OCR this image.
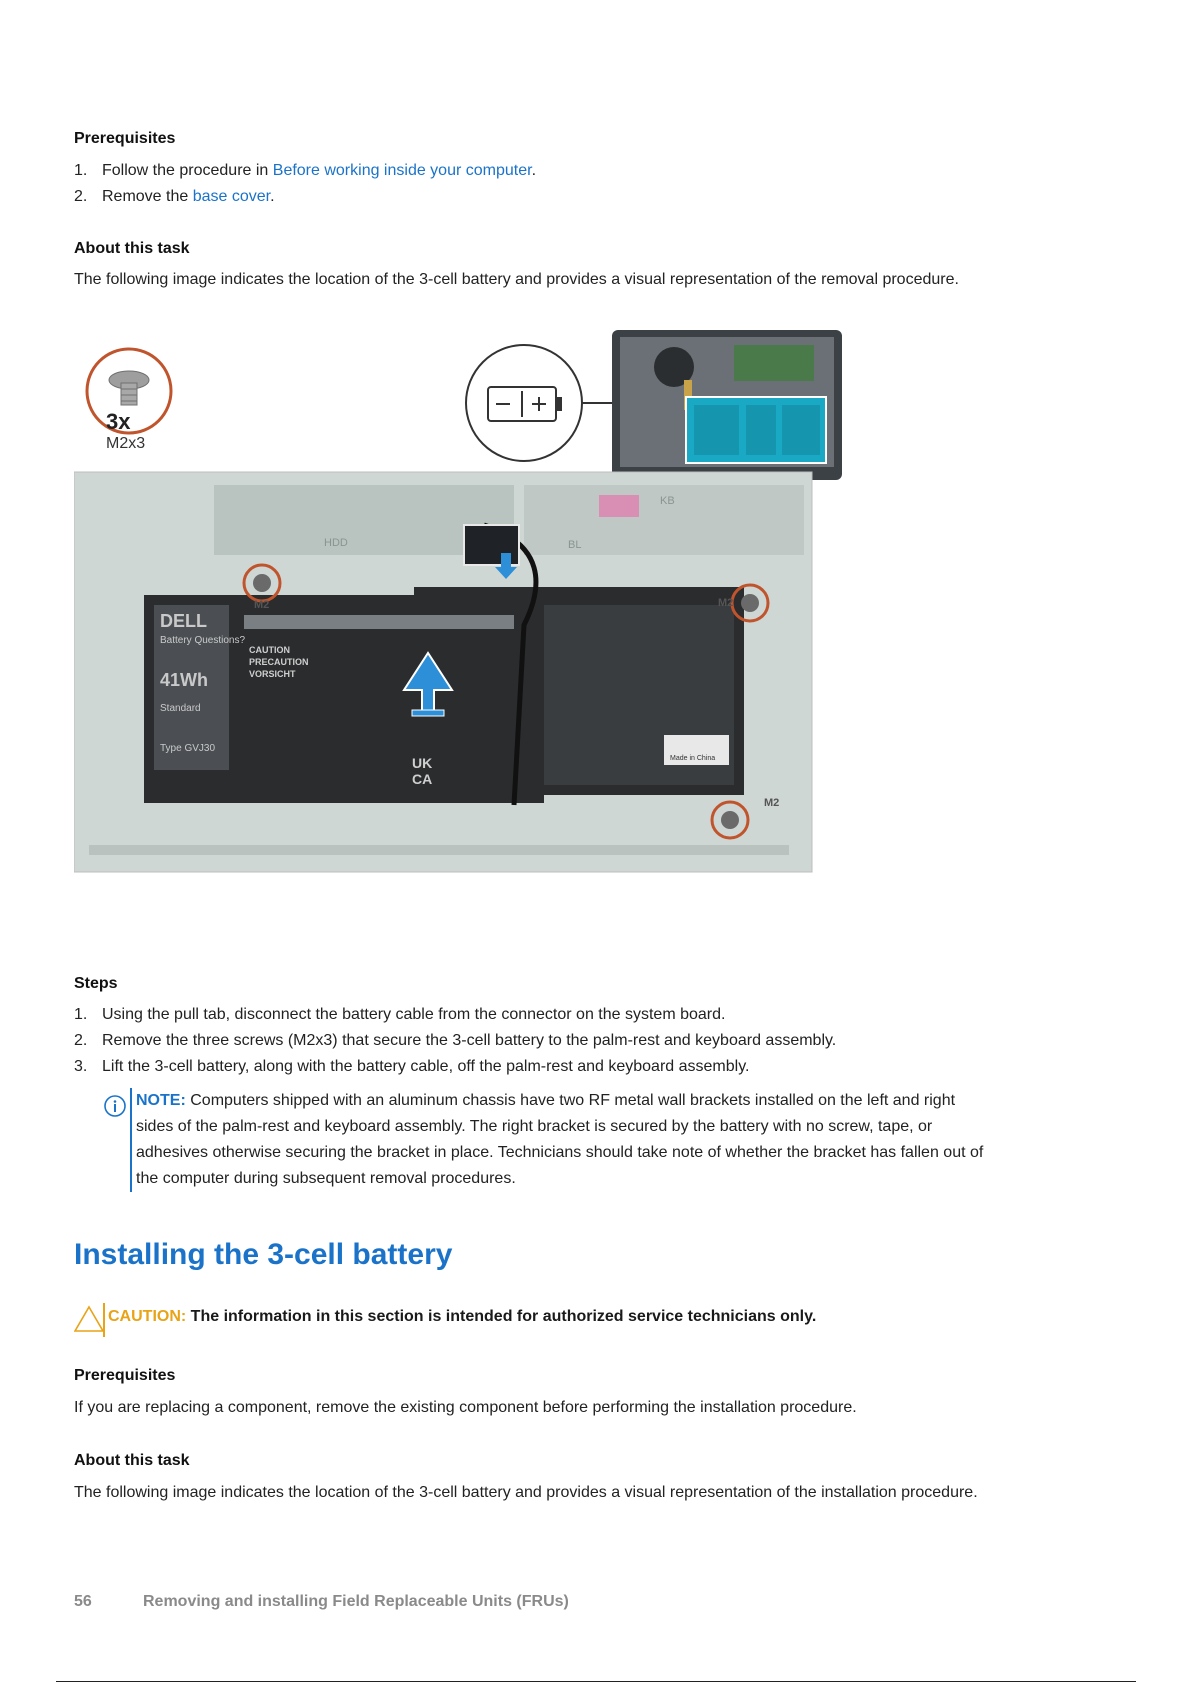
Prerequisites
1. Follow the procedure in Before working inside your computer.
2. Remove the base cover.
About this task
The following image indicates the location of the 3-cell battery and provides a visual representation of the removal procedure.
3x
M2x3
DELL
Battery Questions?
41Wh
Standard
Type GVJ30
CAUTION
PRECAUTION
VORSICHT
UK
CA
Made in China
M2	M2
M2
HDD	BL
KB
Steps
1. Using the pull tab, disconnect the battery cable from the connector on the system board.
2. Remove the three screws (M2x3) that secure the 3-cell battery to the palm-rest and keyboard assembly.
3. Lift the 3-cell battery, along with the battery cable, off the palm-rest and keyboard assembly.
NOTE: Computers shipped with an aluminum chassis have two RF metal wall brackets installed on the left and right
sides of the palm-rest and keyboard assembly. The right bracket is secured by the battery with no screw, tape, or
adhesives otherwise securing the bracket in place. Technicians should take note of whether the bracket has fallen out of
the computer during subsequent removal procedures.
Installing the 3-cell battery
CAUTION: The information in this section is intended for authorized service technicians only.
Prerequisites
If you are replacing a component, remove the existing component before performing the installation procedure.
About this task
The following image indicates the location of the 3-cell battery and provides a visual representation of the installation procedure.
56	Removing and installing Field Replaceable Units (FRUs)
